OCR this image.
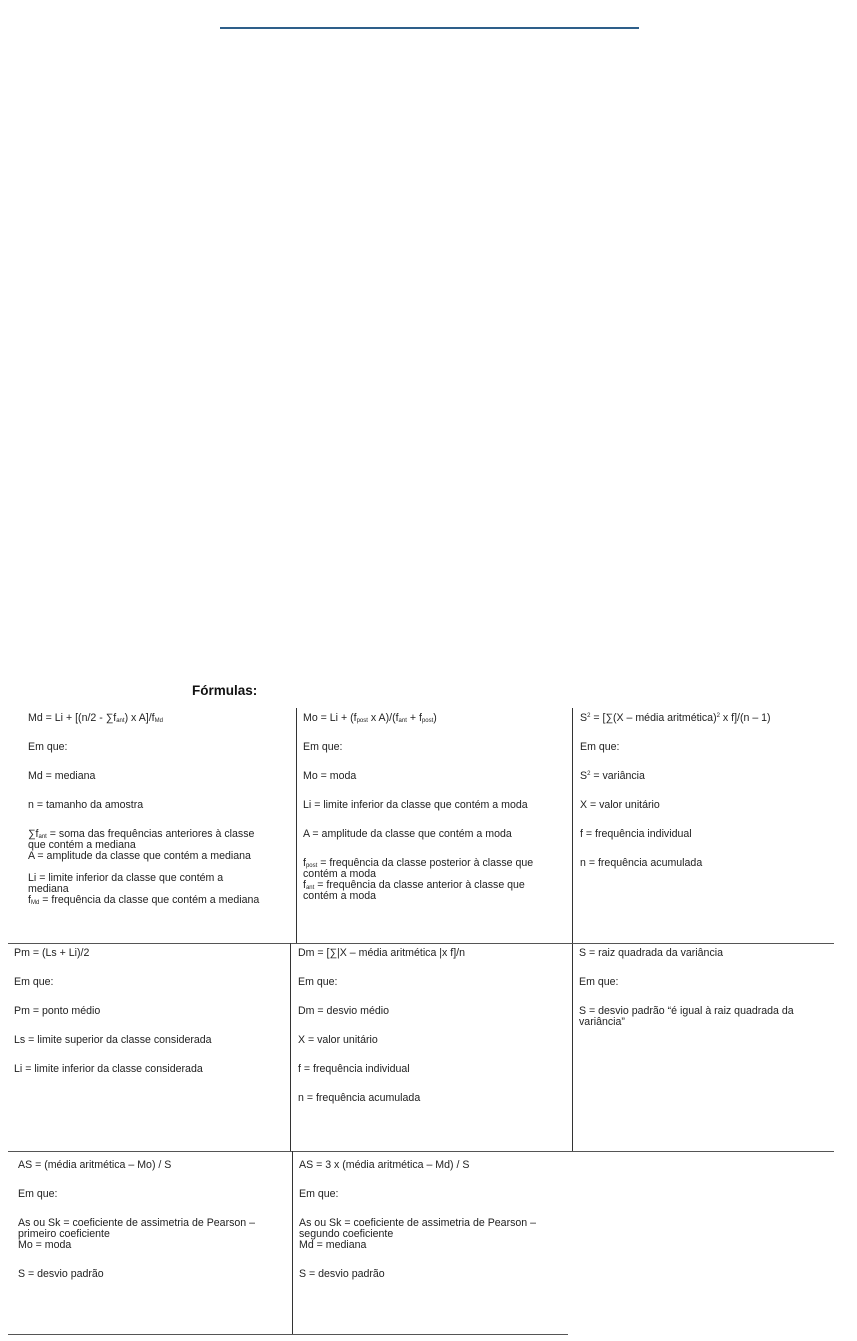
Fórmulas:

$Md = Li + [(n/2 - \sum f_{ant})$ x $A]/f_{Md}$

Em que:

Md = mediana

n = tamanho da amostra

$\sum f_{ant}$ = soma das frequências anteriores à classe

que contém a mediana

A = amplitude da classe que contém a mediana

Li = limite inferior da classe que contém a

mediana

$f_{Md}$ = frequência da classe que contém a mediana

$Mo = Li + (f_{post}$ x $A)/(f_{ant} + f_{post})$

Em que:

Mo = moda

Li = limite inferior da classe que contém a moda

A = amplitude da classe que contém a moda

$f_{post}$ = frequência da classe posterior à classe que

contém a moda

$f_{ant}$ = frequência da classe anterior à classe que

contém a moda

$S^2 = [\sum(X$ – média aritmética)$^2$ x f]/(n – 1)

Em que:

$S^2$ = variância

X = valor unitário

f = frequência individual

n = frequência acumulada

Pm = (Ls + Li)/2

Em que:

Pm = ponto médio

Ls = limite superior da classe considerada

Li = limite inferior da classe considerada

Dm = [∑|X – média aritmética |x f]/n

Em que:

Dm = desvio médio

X = valor unitário

f = frequência individual

n = frequência acumulada

S = raiz quadrada da variância

Em que:

S = desvio padrão “é igual à raiz quadrada da

variância”

AS = (média aritmética – Mo) / S

Em que:

As ou Sk = coeficiente de assimetria de Pearson –

primeiro coeficiente

Mo = moda

S = desvio padrão

AS = 3 x (média aritmética – Md) / S

Em que:

As ou Sk = coeficiente de assimetria de Pearson –

segundo coeficiente

Md = mediana

S = desvio padrão
